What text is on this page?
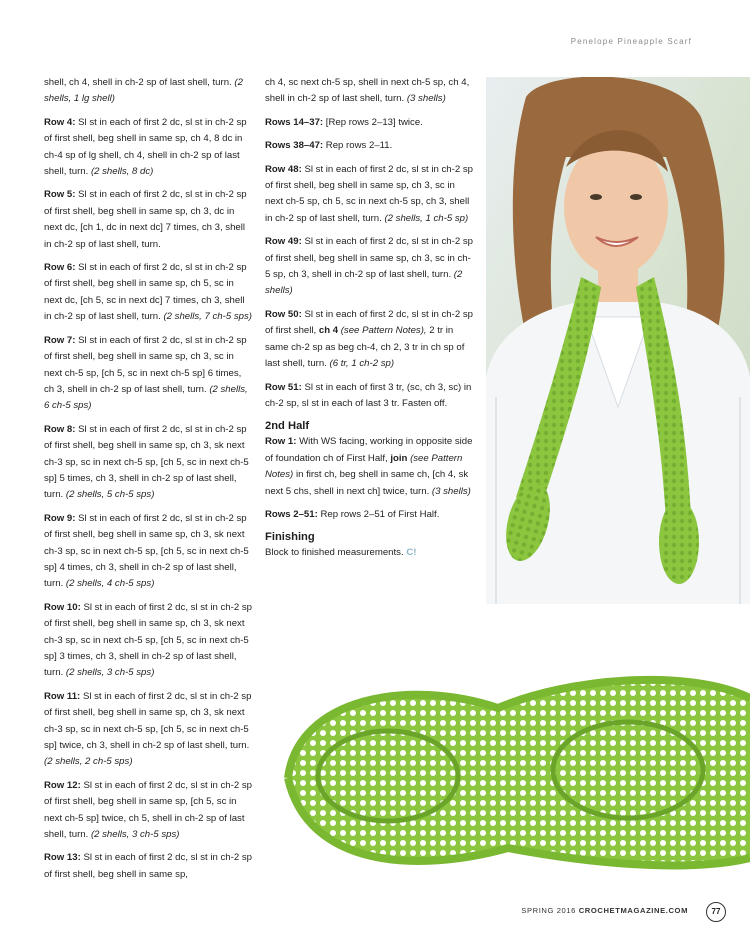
Penelope Pineapple Scarf

shell, ch 4, shell in ch-2 sp of last shell, turn. (2 shells, 1 lg shell)

Row 4: Sl st in each of first 2 dc, sl st in ch-2 sp of first shell, beg shell in same sp, ch 4, 8 dc in ch-4 sp of lg shell, ch 4, shell in ch-2 sp of last shell, turn. (2 shells, 8 dc)

Row 5: Sl st in each of first 2 dc, sl st in ch-2 sp of first shell, beg shell in same sp, ch 3, dc in next dc, [ch 1, dc in next dc] 7 times, ch 3, shell in ch-2 sp of last shell, turn.

Row 6: Sl st in each of first 2 dc, sl st in ch-2 sp of first shell, beg shell in same sp, ch 5, sc in next dc, [ch 5, sc in next dc] 7 times, ch 3, shell in ch-2 sp of last shell, turn. (2 shells, 7 ch-5 sps)

Row 7: Sl st in each of first 2 dc, sl st in ch-2 sp of first shell, beg shell in same sp, ch 3, sc in next ch-5 sp, [ch 5, sc in next ch-5 sp] 6 times, ch 3, shell in ch-2 sp of last shell, turn. (2 shells, 6 ch-5 sps)

Row 8: Sl st in each of first 2 dc, sl st in ch-2 sp of first shell, beg shell in same sp, ch 3, sk next ch-3 sp, sc in next ch-5 sp, [ch 5, sc in next ch-5 sp] 5 times, ch 3, shell in ch-2 sp of last shell, turn. (2 shells, 5 ch-5 sps)

Row 9: Sl st in each of first 2 dc, sl st in ch-2 sp of first shell, beg shell in same sp, ch 3, sk next ch-3 sp, sc in next ch-5 sp, [ch 5, sc in next ch-5 sp] 4 times, ch 3, shell in ch-2 sp of last shell, turn. (2 shells, 4 ch-5 sps)

Row 10: Sl st in each of first 2 dc, sl st in ch-2 sp of first shell, beg shell in same sp, ch 3, sk next ch-3 sp, sc in next ch-5 sp, [ch 5, sc in next ch-5 sp] 3 times, ch 3, shell in ch-2 sp of last shell, turn. (2 shells, 3 ch-5 sps)

Row 11: Sl st in each of first 2 dc, sl st in ch-2 sp of first shell, beg shell in same sp, ch 3, sk next ch-3 sp, sc in next ch-5 sp, [ch 5, sc in next ch-5 sp] twice, ch 3, shell in ch-2 sp of last shell, turn. (2 shells, 2 ch-5 sps)

Row 12: Sl st in each of first 2 dc, sl st in ch-2 sp of first shell, beg shell in same sp, [ch 5, sc in next ch-5 sp] twice, ch 5, shell in ch-2 sp of last shell, turn. (2 shells, 3 ch-5 sps)

Row 13: Sl st in each of first 2 dc, sl st in ch-2 sp of first shell, beg shell in same sp,

ch 4, sc next ch-5 sp, shell in next ch-5 sp, ch 4, shell in ch-2 sp of last shell, turn. (3 shells)

Rows 14–37: [Rep rows 2–13] twice.

Rows 38–47: Rep rows 2–11.

Row 48: Sl st in each of first 2 dc, sl st in ch-2 sp of first shell, beg shell in same sp, ch 3, sc in next ch-5 sp, ch 5, sc in next ch-5 sp, ch 3, shell in ch-2 sp of last shell, turn. (2 shells, 1 ch-5 sp)

Row 49: Sl st in each of first 2 dc, sl st in ch-2 sp of first shell, beg shell in same sp, ch 3, sc in ch-5 sp, ch 3, shell in ch-2 sp of last shell, turn. (2 shells)

Row 50: Sl st in each of first 2 dc, sl st in ch-2 sp of first shell, ch 4 (see Pattern Notes), 2 tr in same ch-2 sp as beg ch-4, ch 2, 3 tr in ch sp of last shell, turn. (6 tr, 1 ch-2 sp)

Row 51: Sl st in each of first 3 tr, (sc, ch 3, sc) in ch-2 sp, sl st in each of last 3 tr. Fasten off.

2nd Half

Row 1: With WS facing, working in opposite side of foundation ch of First Half, join (see Pattern Notes) in first ch, beg shell in same ch, [ch 4, sk next 5 chs, shell in next ch] twice, turn. (3 shells)

Rows 2–51: Rep rows 2–51 of First Half.

Finishing

Block to finished measurements. C!

SPRING 2016 CROCHETMAGAZINE.COM	77
